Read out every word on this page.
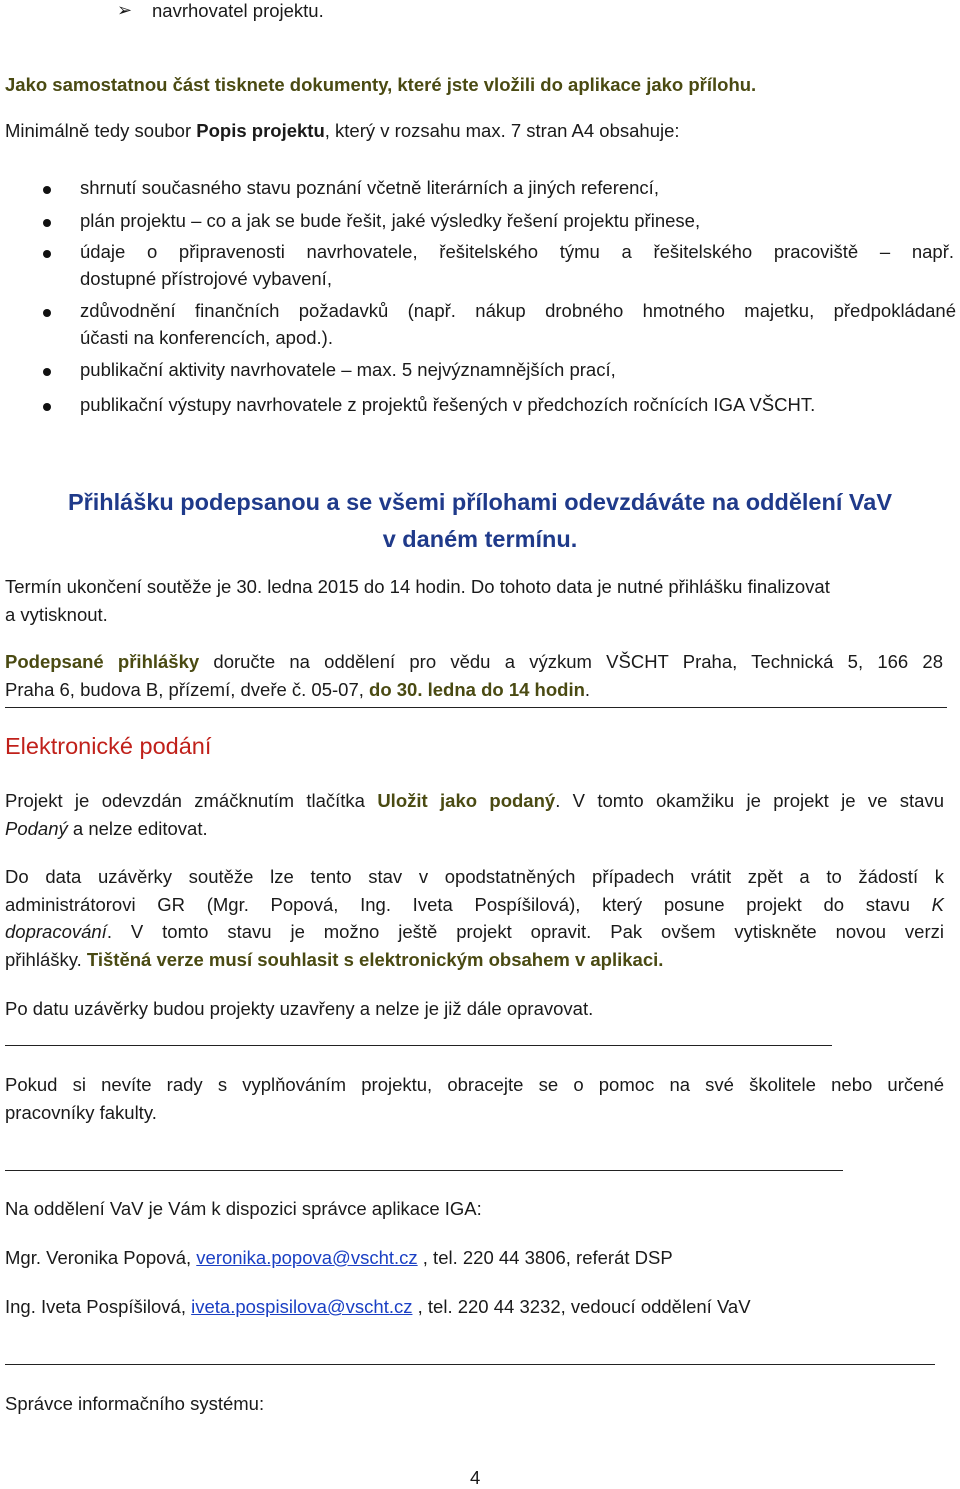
➢ navrhovatel projektu.
Jako samostatnou část tisknete dokumenty, které jste vložili do aplikace jako přílohu.
Minimálně tedy soubor Popis projektu, který v rozsahu max. 7 stran A4 obsahuje:
shrnutí současného stavu poznání včetně literárních a jiných referencí,
plán projektu – co a jak se bude řešit, jaké výsledky řešení projektu přinese,
údaje o připravenosti navrhovatele, řešitelského týmu a řešitelského pracoviště – např.
dostupné přístrojové vybavení,
zdůvodnění finančních požadavků (např. nákup drobného hmotného majetku, předpokládané
účasti na konferencích, apod.).
publikační aktivity navrhovatele – max. 5 nejvýznamnějších prací,
publikační výstupy navrhovatele z projektů řešených v předchozích ročnících IGA VŠCHT.
Přihlášku podepsanou a se všemi přílohami odevzdáváte na oddělení VaV
v daném termínu.
Termín ukončení soutěže je 30. ledna 2015 do 14 hodin. Do tohoto data je nutné přihlášku finalizovat
a vytisknout.
Podepsané přihlášky doručte na oddělení pro vědu a výzkum VŠCHT Praha, Technická 5, 166 28
Praha 6, budova B, přízemí, dveře č. 05-07, do 30. ledna do 14 hodin.
Elektronické podání
Projekt je odevzdán zmáčknutím tlačítka Uložit jako podaný. V tomto okamžiku je projekt je ve stavu
Podaný a nelze editovat.
Do data uzávěrky soutěže lze tento stav v opodstatněných případech vrátit zpět a to žádostí k
administrátorovi GR (Mgr. Popová, Ing. Iveta Pospíšilová), který posune projekt do stavu K
dopracování. V tomto stavu je možno ještě projekt opravit. Pak ovšem vytiskněte novou verzi
přihlášky. Tištěná verze musí souhlasit s elektronickým obsahem v aplikaci.
Po datu uzávěrky budou projekty uzavřeny a nelze je již dále opravovat.
Pokud si nevíte rady s vyplňováním projektu, obracejte se o pomoc na své školitele nebo určené
pracovníky fakulty.
Na oddělení VaV je Vám k dispozici správce aplikace IGA:
Mgr. Veronika Popová, veronika.popova@vscht.cz , tel. 220 44 3806, referát DSP
Ing. Iveta Pospíšilová, iveta.pospisilova@vscht.cz , tel. 220 44 3232, vedoucí oddělení VaV
Správce informačního systému:
4
